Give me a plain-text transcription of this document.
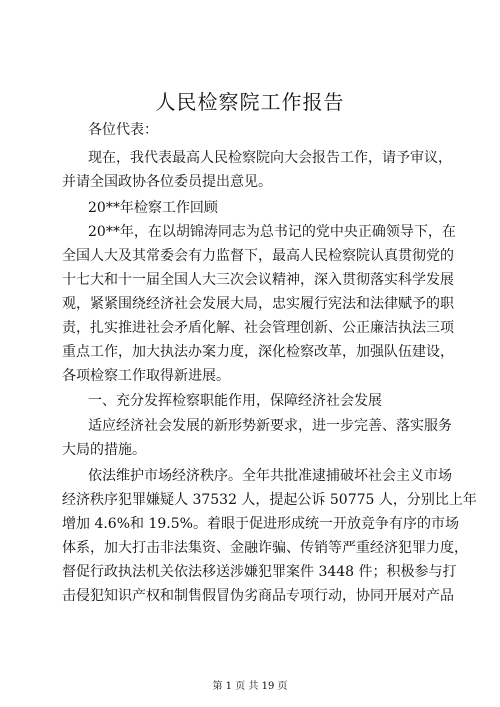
人民检察院工作报告
各位代表：
现在，我代表最高人民检察院向大会报告工作，请予审议，
并请全国政协各位委员提出意见。
20**年检察工作回顾
20**年，在以胡锦涛同志为总书记的党中央正确领导下，在
全国人大及其常委会有力监督下，最高人民检察院认真贯彻党的
十七大和十一届全国人大三次会议精神，深入贯彻落实科学发展
观，紧紧围绕经济社会发展大局，忠实履行宪法和法律赋予的职
责，扎实推进社会矛盾化解、社会管理创新、公正廉洁执法三项
重点工作，加大执法办案力度，深化检察改革，加强队伍建设，
各项检察工作取得新进展。
一、充分发挥检察职能作用，保障经济社会发展
适应经济社会发展的新形势新要求，进一步完善、落实服务
大局的措施。
依法维护市场经济秩序。全年共批准逮捕破坏社会主义市场
经济秩序犯罪嫌疑人 37532 人，提起公诉 50775 人，分别比上年
增加 4.6%和 19.5%。着眼于促进形成统一开放竞争有序的市场
体系，加大打击非法集资、金融诈骗、传销等严重经济犯罪力度，
督促行政执法机关依法移送涉嫌犯罪案件 3448 件；积极参与打
击侵犯知识产权和制售假冒伪劣商品专项行动，协同开展对产品
第 1 页 共 19 页
